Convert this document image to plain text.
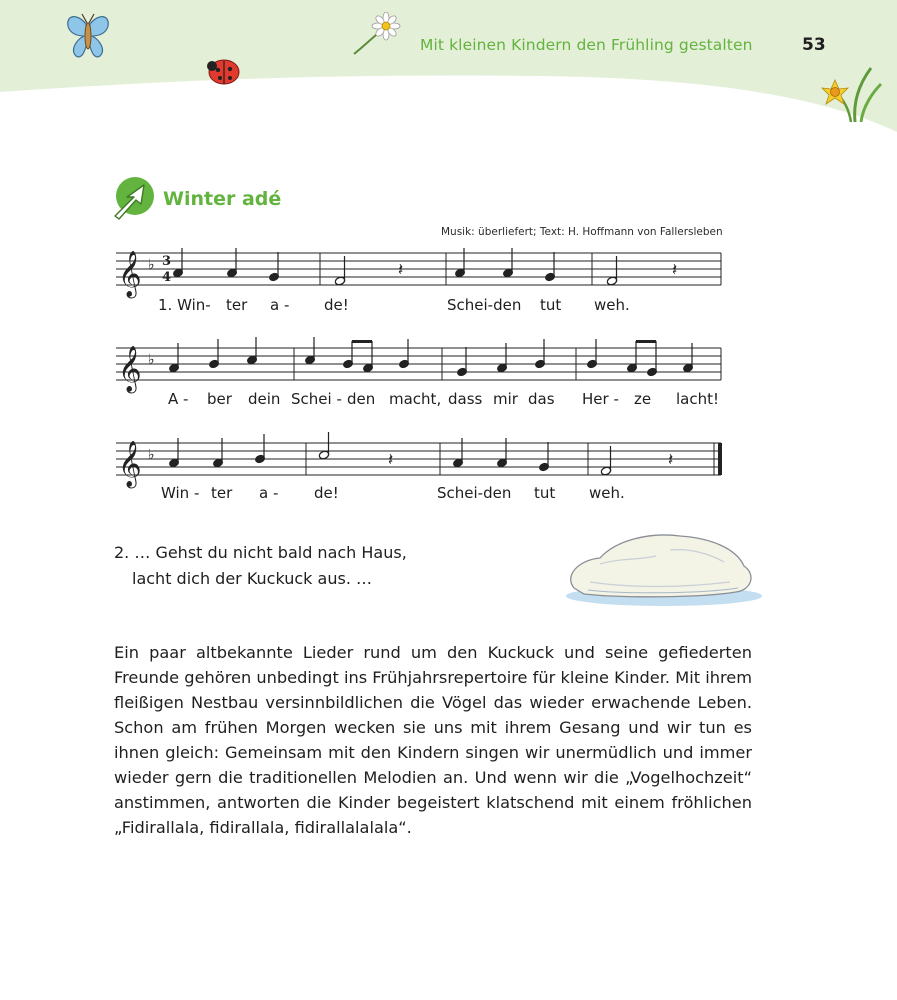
Mit kleinen Kindern den Frühling gestalten	53
Winter adé
Musik: überliefert; Text: H. Hoffmann von Fallersleben
𝄞 ♭ 3
4	𝄽	𝄽
1. Win- ter a - de!	Schei-den tut weh.
𝄞 ♭
A - ber dein Schei - den macht, dass mir das Her - ze lacht!
𝄞 ♭	𝄽	𝄽
Win - ter a - de!	Schei-den tut weh.
2. … Gehst du nicht bald nach Haus,
lacht dich der Kuckuck aus. …
Ein paar altbekannte Lieder rund um den Kuckuck und seine gefiederten Freunde gehören unbedingt ins Frühjahrsrepertoire für kleine Kinder. Mit ihrem fleißigen Nestbau versinnbildlichen die Vögel das wieder erwachende Leben. Schon am frühen Morgen wecken sie uns mit ihrem Gesang und wir tun es ihnen gleich: Gemeinsam mit den Kindern singen wir unermüdlich und immer wieder gern die traditionellen Melodien an. Und wenn wir die „Vogelhochzeit“ anstimmen, antworten die Kinder begeistert klatschend mit einem fröhlichen „Fidirallala, fidirallala, fidirallalalala“.
